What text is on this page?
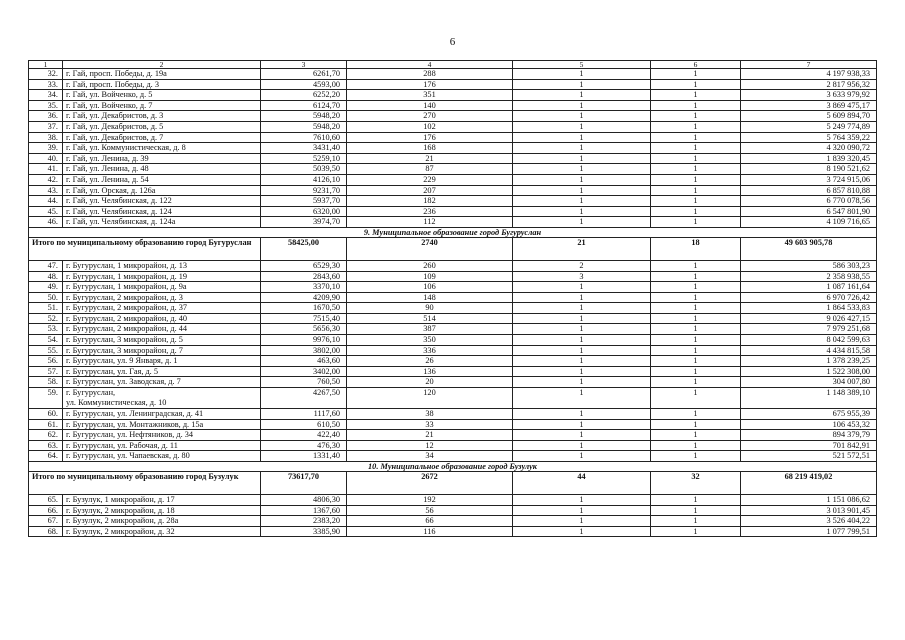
6
1	2	3	4	5	6	7
32.	г. Гай, просп. Победы, д. 19а	6261,70	288	1	1	4 197 938,33
33.	г. Гай, просп. Победы, д. 3	4593,00	176	1	1	2 817 956,32
34.	г. Гай, ул. Войченко, д. 5	6252,20	351	1	1	3 633 979,92
35.	г. Гай, ул. Войченко, д. 7	6124,70	140	1	1	3 869 475,17
36.	г. Гай, ул. Декабристов, д. 3	5948,20	270	1	1	5 609 894,70
37.	г. Гай, ул. Декабристов, д. 5	5948,20	102	1	1	5 249 774,89
38.	г. Гай, ул. Декабристов, д. 7	7610,60	176	1	1	5 764 359,22
39.	г. Гай, ул. Коммунистическая, д. 8	3431,40	168	1	1	4 320 090,72
40.	г. Гай, ул. Ленина, д. 39	5259,10	21	1	1	1 839 320,45
41.	г. Гай, ул. Ленина, д. 48	5039,50	87	1	1	8 190 521,62
42.	г. Гай, ул. Ленина, д. 54	4126,10	229	1	1	3 724 915,06
43.	г. Гай, ул. Орская, д. 126а	9231,70	207	1	1	6 857 810,88
44.	г. Гай, ул. Челябинская, д. 122	5937,70	182	1	1	6 770 078,56
45.	г. Гай, ул. Челябинская, д. 124	6320,00	236	1	1	6 547 801,90
46.	г. Гай, ул. Челябинская, д. 124а	3974,70	112	1	1	4 109 716,65
9. Муниципальное образование город Бугуруслан						
Итого по муниципальному образованию город Бугуруслан		58425,00	2740	21	18	49 603 905,78
47.	г. Бугуруслан, 1 микрорайон, д. 13	6529,30	260	2	1	586 303,23
48.	г. Бугуруслан, 1 микрорайон, д. 19	2843,60	109	3	1	2 358 938,55
49.	г. Бугуруслан, 1 микрорайон, д. 9а	3370,10	106	1	1	1 087 161,64
50.	г. Бугуруслан, 2 микрорайон, д. 3	4209,90	148	1	1	6 970 726,42
51.	г. Бугуруслан, 2 микрорайон, д. 37	1670,50	90	1	1	1 864 533,83
52.	г. Бугуруслан, 2 микрорайон, д. 40	7515,40	514	1	1	9 026 427,15
53.	г. Бугуруслан, 2 микрорайон, д. 44	5656,30	387	1	1	7 979 251,68
54.	г. Бугуруслан, 3 микрорайон, д. 5	9976,10	350	1	1	8 042 599,63
55.	г. Бугуруслан, 3 микрорайон, д. 7	3802,00	336	1	1	4 434 815,58
56.	г. Бугуруслан, ул. 9 Января, д. 1	463,60	26	1	1	1 378 239,25
57.	г. Бугуруслан, ул. Гая, д. 5	3402,00	136	1	1	1 522 308,00
58.	г. Бугуруслан, ул. Заводская, д. 7	760,50	20	1	1	304 007,80
59.	г. Бугуруслан,
ул. Коммунистическая, д. 10	4267,50	120	1	1	1 148 389,10
60.	г. Бугуруслан, ул. Ленинградская, д. 41	1117,60	38	1	1	675 955,39
61.	г. Бугуруслан, ул. Монтажников, д. 15а	610,50	33	1	1	106 453,32
62.	г. Бугуруслан, ул. Нефтяников, д. 34	422,40	21	1	1	894 379,79
63.	г. Бугуруслан, ул. Рабочая, д. 11	476,30	12	1	1	701 842,91
64.	г. Бугуруслан, ул. Чапаевская, д. 80	1331,40	34	1	1	521 572,51
10. Муниципальное образование город Бузулук						
Итого по муниципальному образованию город Бузулук		73617,70	2672	44	32	68 219 419,02
65.	г. Бузулук, 1 микрорайон, д. 17	4806,30	192	1	1	1 151 086,62
66.	г. Бузулук, 2 микрорайон, д. 18	1367,60	56	1	1	3 013 901,45
67.	г. Бузулук, 2 микрорайон, д. 28а	2383,20	66	1	1	3 526 404,22
68.	г. Бузулук, 2 микрорайон, д. 32	3385,90	116	1	1	1 077 799,51
